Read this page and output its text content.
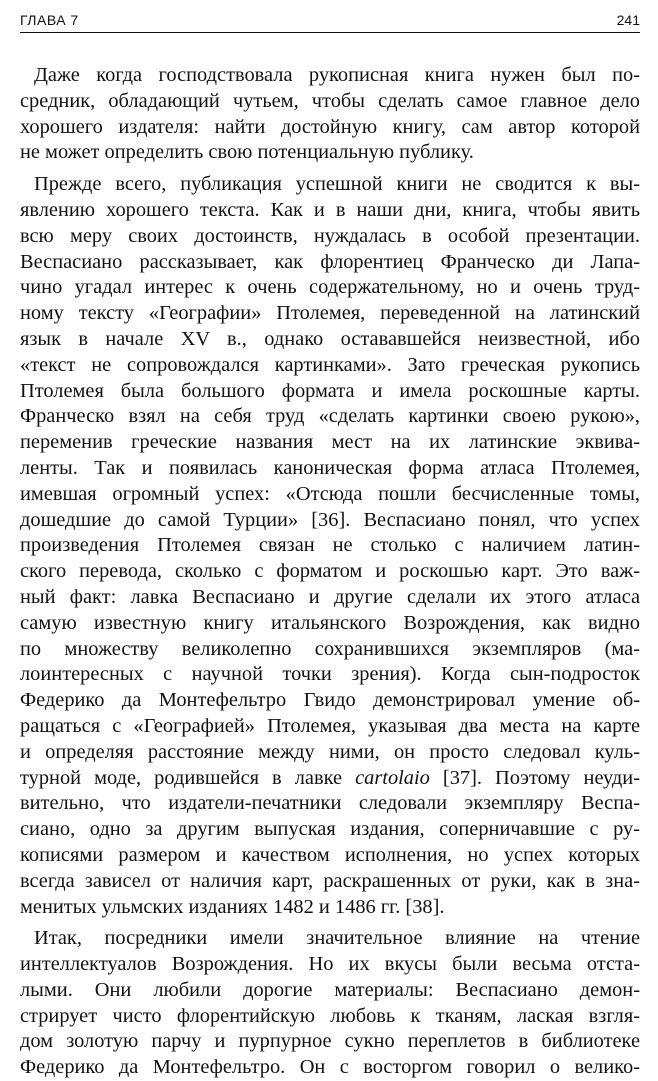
ГЛАВА 7	241
Даже когда господствовала рукописная книга нужен был по-
средник, обладающий чутьем, чтобы сделать самое главное дело
хорошего издателя: найти достойную книгу, сам автор которой
не может определить свою потенциальную публику.
Прежде всего, публикация успешной книги не сводится к вы-
явлению хорошего текста. Как и в наши дни, книга, чтобы явить
всю меру своих достоинств, нуждалась в особой презентации.
Веспасиано рассказывает, как флорентиец Франческо ди Лапа-
чино угадал интерес к очень содержательному, но и очень труд-
ному тексту «Географии» Птолемея, переведенной на латинский
язык в начале XV в., однако остававшейся неизвестной, ибо
«текст не сопровождался картинками». Зато греческая рукопись
Птолемея была большого формата и имела роскошные карты.
Франческо взял на себя труд «сделать картинки своею рукою»,
переменив греческие названия мест на их латинские эквива-
ленты. Так и появилась каноническая форма атласа Птолемея,
имевшая огромный успех: «Отсюда пошли бесчисленные томы,
дошедшие до самой Турции» [36]. Веспасиано понял, что успех
произведения Птолемея связан не столько с наличием латин-
ского перевода, сколько с форматом и роскошью карт. Это важ-
ный факт: лавка Веспасиано и другие сделали их этого атласа
самую известную книгу итальянского Возрождения, как видно
по множеству великолепно сохранившихся экземпляров (ма-
лоинтересных с научной точки зрения). Когда сын-подросток
Федерико да Монтефельтро Гвидо демонстрировал умение об-
ращаться с «Географией» Птолемея, указывая два места на карте
и определяя расстояние между ними, он просто следовал куль-
турной моде, родившейся в лавке cartolaio [37]. Поэтому неуди-
вительно, что издатели-печатники следовали экземпляру Веспа-
сиано, одно за другим выпуская издания, соперничавшие с ру-
кописями размером и качеством исполнения, но успех которых
всегда зависел от наличия карт, раскрашенных от руки, как в зна-
менитых ульмских изданиях 1482 и 1486 гг. [38].
Итак, посредники имели значительное влияние на чтение
интеллектуалов Возрождения. Но их вкусы были весьма отста-
лыми. Они любили дорогие материалы: Веспасиано демон-
стрирует чисто флорентийскую любовь к тканям, лаская взгля-
дом золотую парчу и пурпурное сукно переплетов в библиотеке
Федерико да Монтефельтро. Он с восторгом говорил о велико-
